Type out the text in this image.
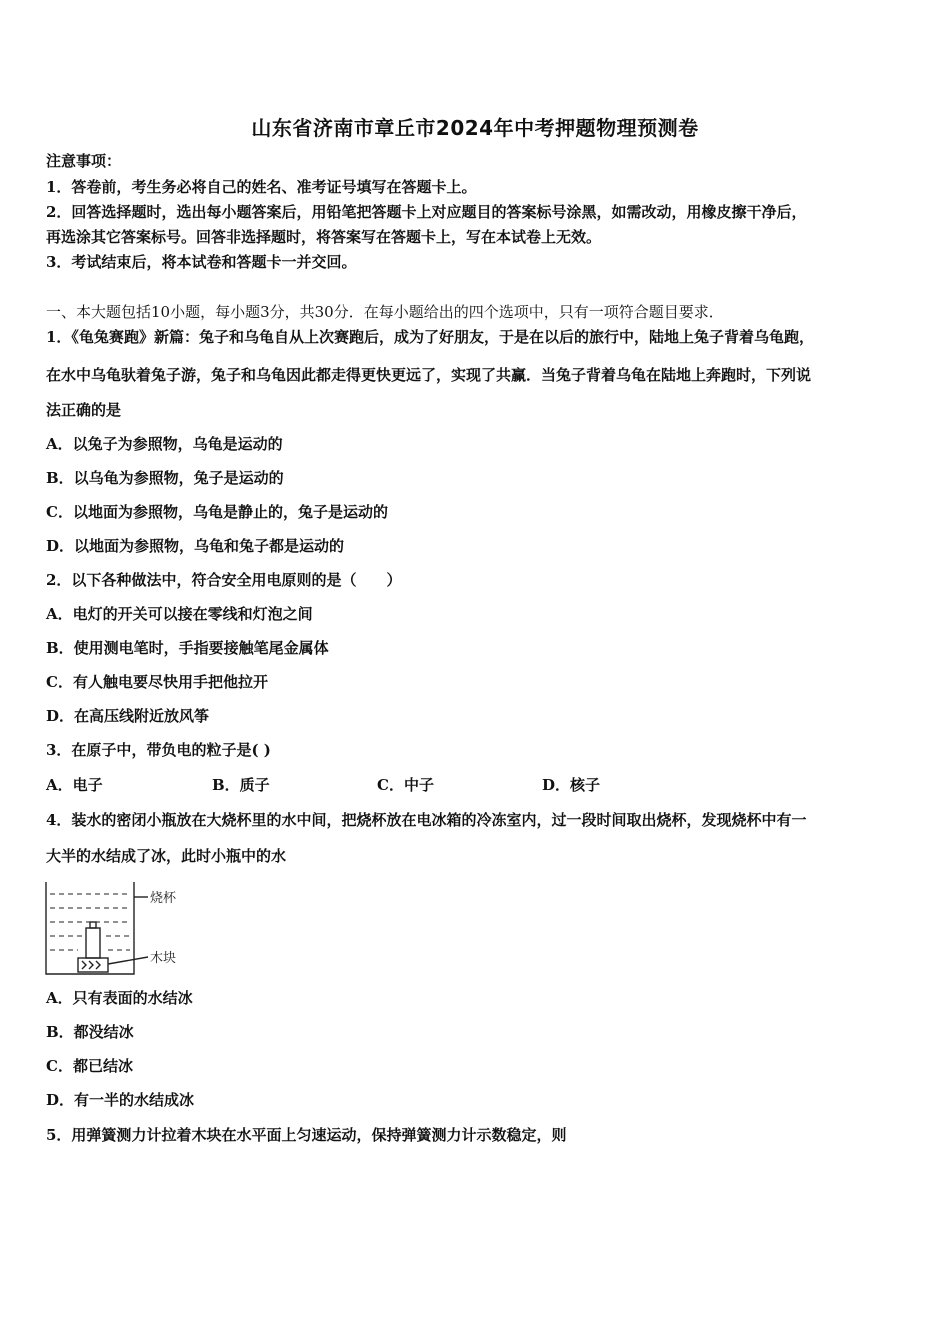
山东省济南市章丘市2024年中考押题物理预测卷
注意事项：
1．答卷前，考生务必将自己的姓名、准考证号填写在答题卡上。
2．回答选择题时，选出每小题答案后，用铅笔把答题卡上对应题目的答案标号涂黑，如需改动，用橡皮擦干净后，
再选涂其它答案标号。回答非选择题时，将答案写在答题卡上，写在本试卷上无效。
3．考试结束后，将本试卷和答题卡一并交回。
一、本大题包括10小题，每小题3分，共30分．在每小题给出的四个选项中，只有一项符合题目要求．
1．《龟兔赛跑》新篇：兔子和乌龟自从上次赛跑后，成为了好朋友，于是在以后的旅行中，陆地上兔子背着乌龟跑，
在水中乌龟驮着兔子游，兔子和乌龟因此都走得更快更远了，实现了共赢．当兔子背着乌龟在陆地上奔跑时，下列说
法正确的是
A．以兔子为参照物，乌龟是运动的
B．以乌龟为参照物，兔子是运动的
C．以地面为参照物，乌龟是静止的，兔子是运动的
D．以地面为参照物，乌龟和兔子都是运动的
2．以下各种做法中，符合安全用电原则的是（　　）
A．电灯的开关可以接在零线和灯泡之间
B．使用测电笔时，手指要接触笔尾金属体
C．有人触电要尽快用手把他拉开
D．在高压线附近放风筝
3．在原子中，带负电的粒子是( )
A．电子	B．质子	C．中子	D．核子
4．装水的密闭小瓶放在大烧杯里的水中间，把烧杯放在电冰箱的冷冻室内，过一段时间取出烧杯，发现烧杯中有一
大半的水结成了冰，此时小瓶中的水
烧杯
木块
A．只有表面的水结冰
B．都没结冰
C．都已结冰
D．有一半的水结成冰
5．用弹簧测力计拉着木块在水平面上匀速运动，保持弹簧测力计示数稳定，则
